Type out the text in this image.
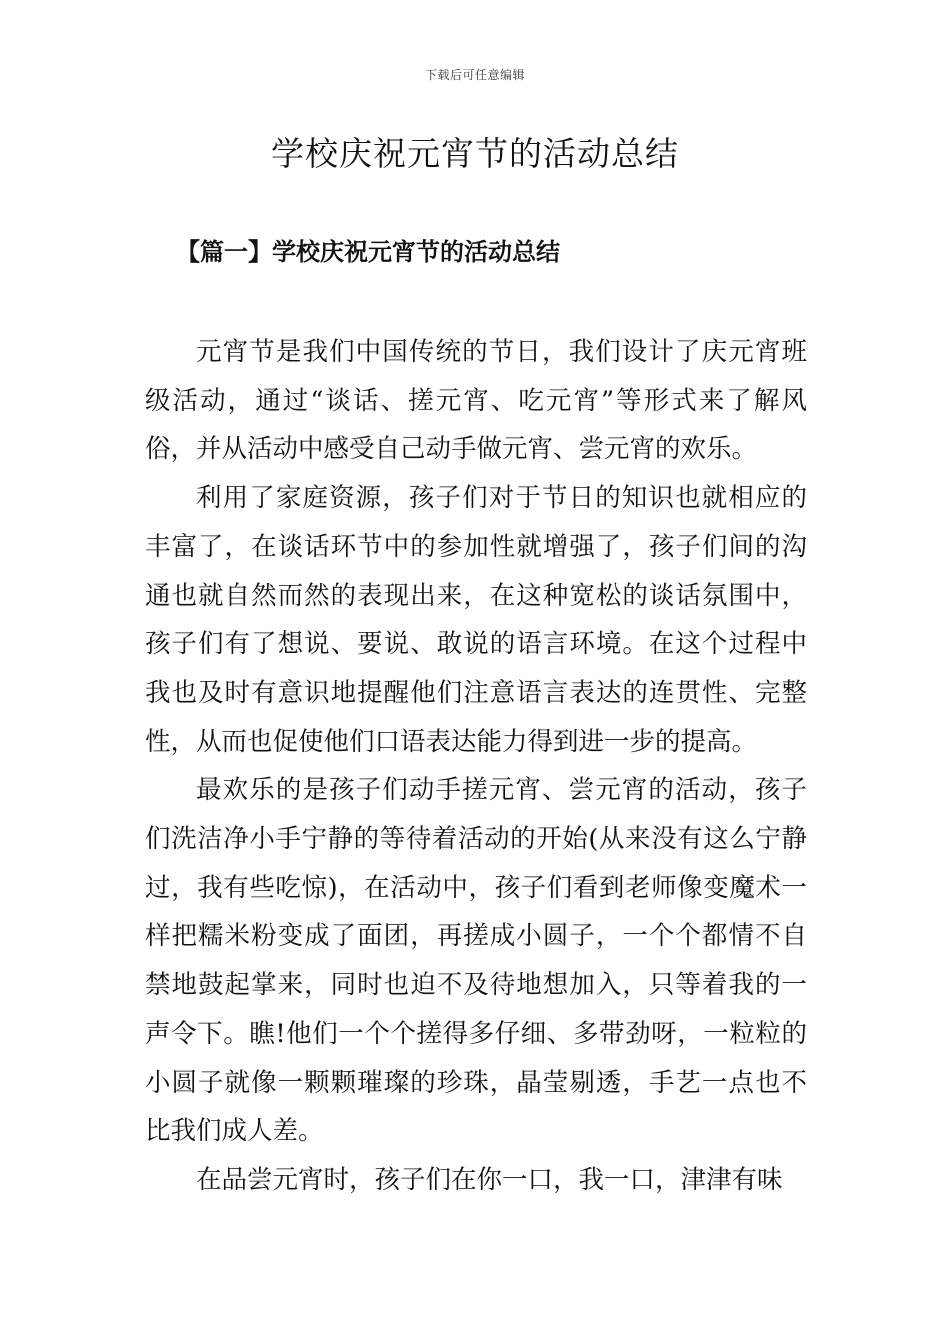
下载后可任意编辑
学校庆祝元宵节的活动总结
【篇一】学校庆祝元宵节的活动总结

元宵节是我们中国传统的节日，我们设计了庆元宵班级活动，通过“谈话、搓元宵、吃元宵”等形式来了解风俗，并从活动中感受自己动手做元宵、尝元宵的欢乐。

利用了家庭资源，孩子们对于节日的知识也就相应的丰富了，在谈话环节中的参加性就增强了，孩子们间的沟通也就自然而然的表现出来，在这种宽松的谈话氛围中，孩子们有了想说、要说、敢说的语言环境。在这个过程中我也及时有意识地提醒他们注意语言表达的连贯性、完整性，从而也促使他们口语表达能力得到进一步的提高。

最欢乐的是孩子们动手搓元宵、尝元宵的活动，孩子们洗洁净小手宁静的等待着活动的开始(从来没有这么宁静过，我有些吃惊)，在活动中，孩子们看到老师像变魔术一样把糯米粉变成了面团，再搓成小圆子，一个个都情不自禁地鼓起掌来，同时也迫不及待地想加入，只等着我的一声令下。瞧!他们一个个搓得多仔细、多带劲呀，一粒粒的小圆子就像一颗颗璀璨的珍珠，晶莹剔透，手艺一点也不比我们成人差。

在品尝元宵时，孩子们在你一口，我一口，津津有味
